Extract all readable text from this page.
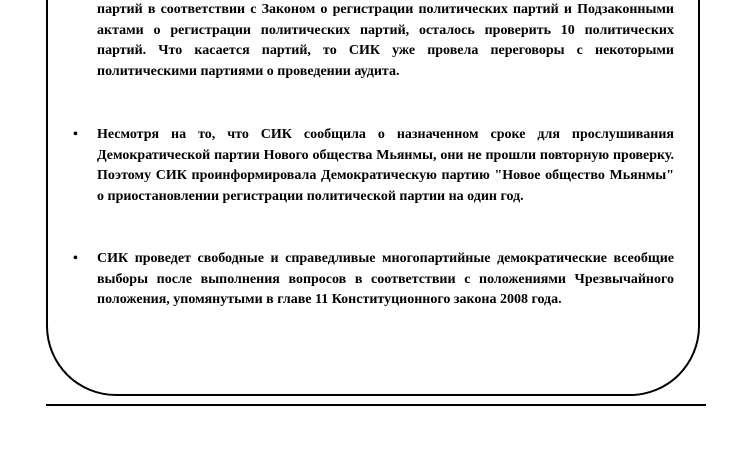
партий в соответствии с Законом о регистрации политических партий и Подзаконными актами о регистрации политических партий, осталось проверить 10 политических партий. Что касается партий, то СИК уже провела переговоры с некоторыми политическими партиями о проведении аудита.

• Несмотря на то, что СИК сообщила о назначенном сроке для прослушивания Демократической партии Нового общества Мьянмы, они не прошли повторную проверку. Поэтому СИК проинформировала Демократическую партию "Новое общество Мьянмы" о приостановлении регистрации политической партии на один год.

• СИК проведет свободные и справедливые многопартийные демократические всеобщие выборы после выполнения вопросов в соответствии с положениями Чрезвычайного положения, упомянутыми в главе 11 Конституционного закона 2008 года.
